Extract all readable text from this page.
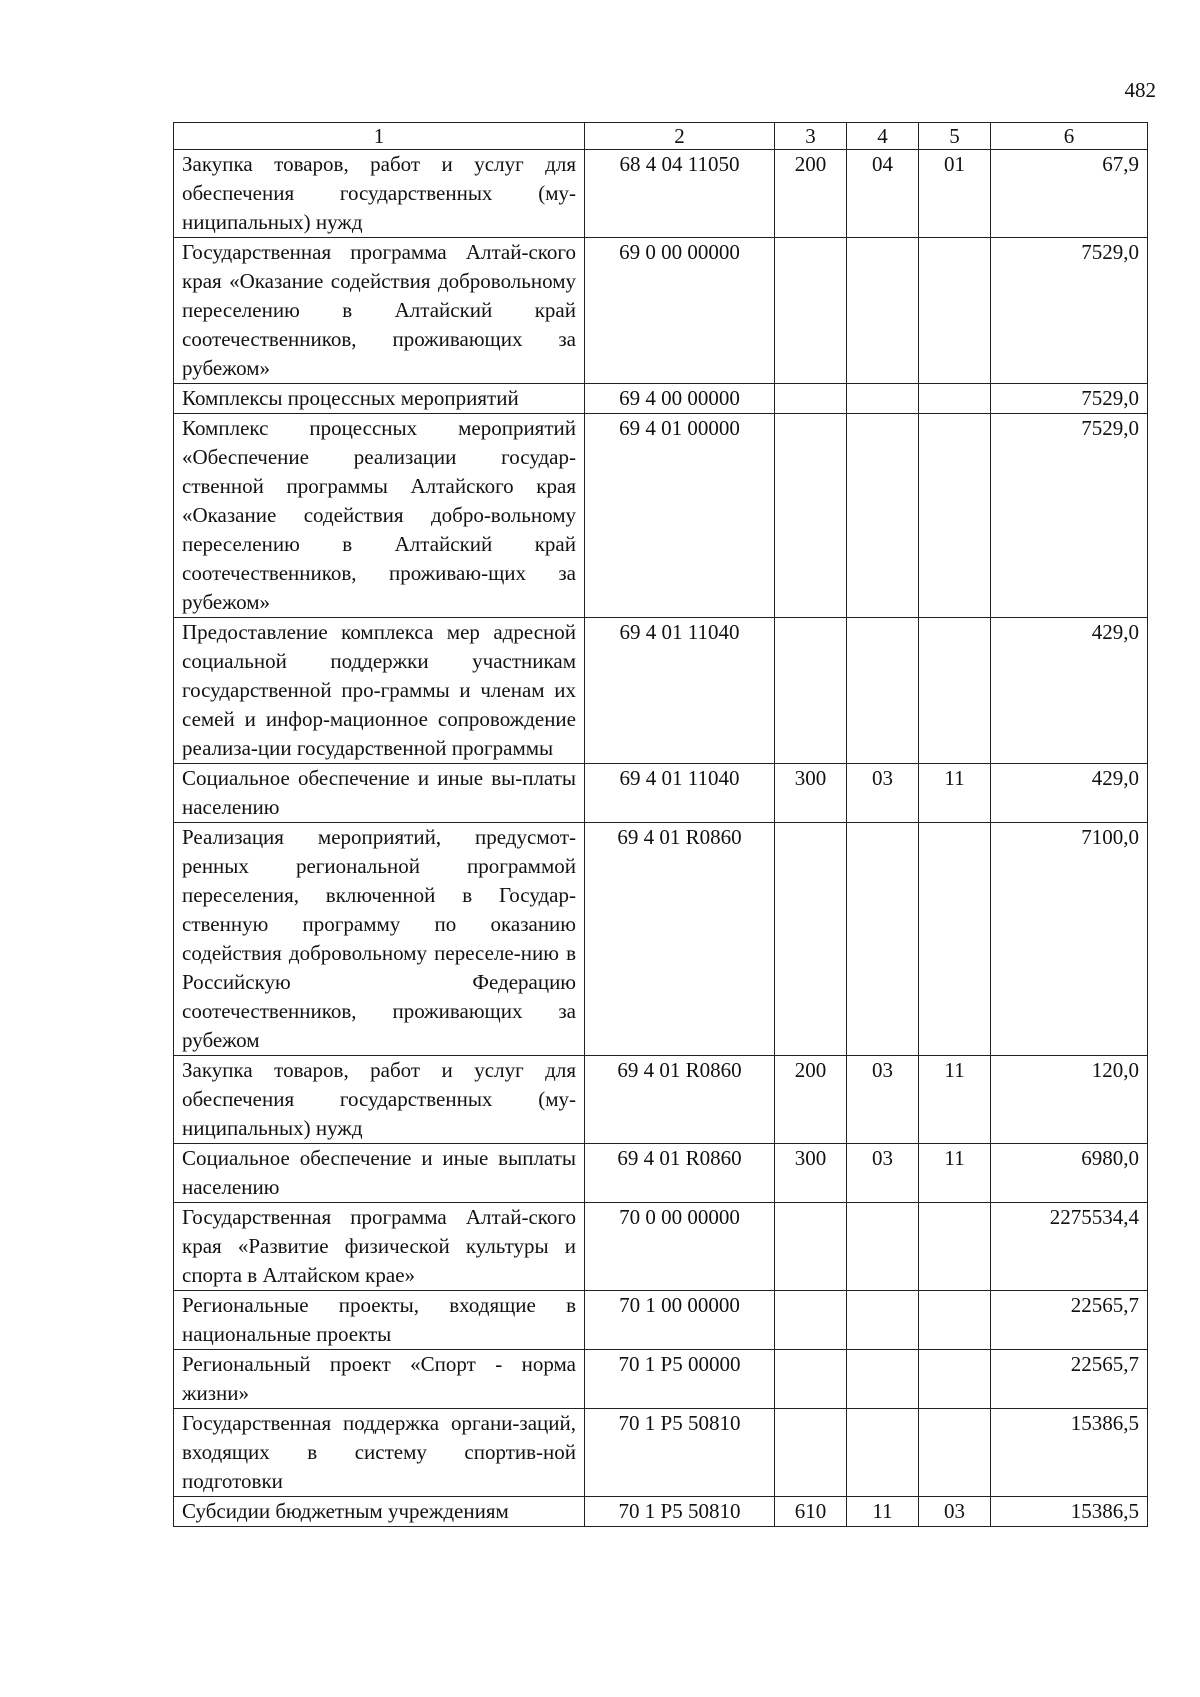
482
1	2	3	4	5	6
Закупка товаров, работ и услуг для обеспечения государственных (му-ниципальных) нужд	68 4 04 11050	200	04	01	67,9
Государственная программа Алтай-ского края «Оказание содействия добровольному переселению в Алтайский край соотечественников, проживающих за рубежом»	69 0 00 00000				7529,0
Комплексы процессных мероприятий	69 4 00 00000				7529,0
Комплекс процессных мероприятий «Обеспечение реализации государ-ственной программы Алтайского края «Оказание содействия добро-вольному переселению в Алтайский край соотечественников, проживаю-щих за рубежом»	69 4 01 00000				7529,0
Предоставление комплекса мер адресной социальной поддержки участникам государственной про-граммы и членам их семей и инфор-мационное сопровождение реализа-ции государственной программы	69 4 01 11040				429,0
Социальное обеспечение и иные вы-платы населению	69 4 01 11040	300	03	11	429,0
Реализация мероприятий, предусмот-ренных региональной программой переселения, включенной в Государ-ственную программу по оказанию содействия добровольному переселе-нию в Российскую Федерацию соотечественников, проживающих за рубежом	69 4 01 R0860				7100,0
Закупка товаров, работ и услуг для обеспечения государственных (му-ниципальных) нужд	69 4 01 R0860	200	03	11	120,0
Социальное обеспечение и иные выплаты населению	69 4 01 R0860	300	03	11	6980,0
Государственная программа Алтай-ского края «Развитие физической культуры и спорта в Алтайском крае»	70 0 00 00000				2275534,4
Региональные проекты, входящие в национальные проекты	70 1 00 00000				22565,7
Региональный проект «Спорт - норма жизни»	70 1 P5 00000				22565,7
Государственная поддержка органи-заций, входящих в систему спортив-ной подготовки	70 1 P5 50810				15386,5
Субсидии бюджетным учреждениям	70 1 P5 50810	610	11	03	15386,5
